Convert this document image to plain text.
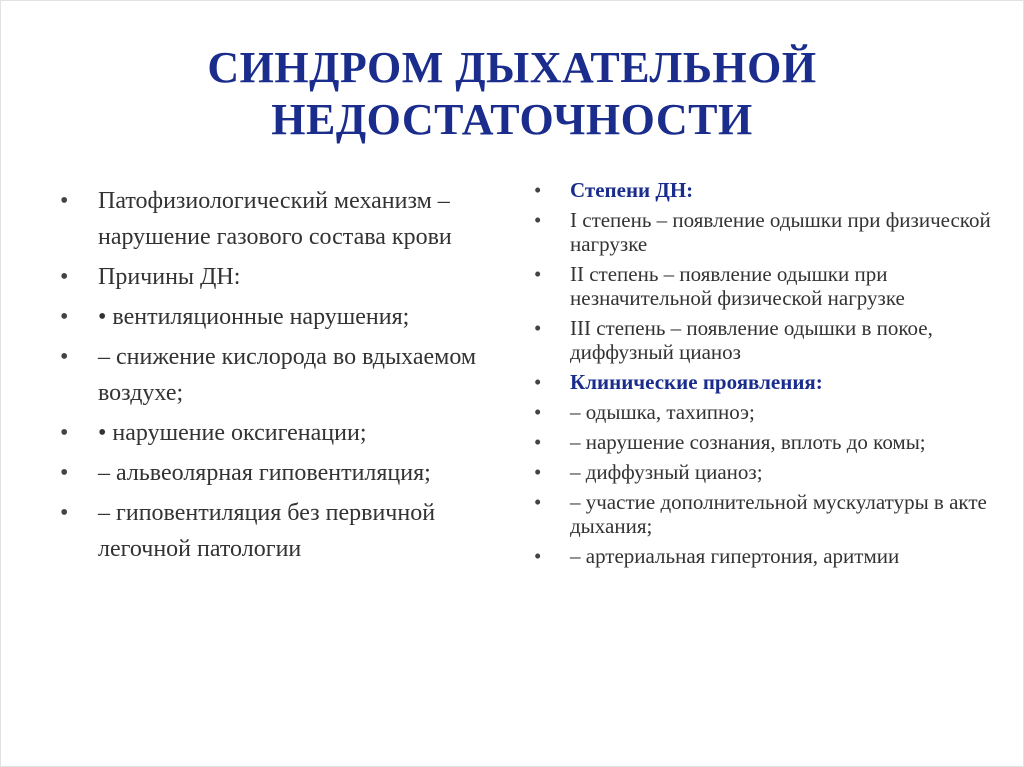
СИНДРОМ ДЫХАТЕЛЬНОЙ
НЕДОСТАТОЧНОСТИ
• Патофизиологический механизм – нарушение газового состава крови
• Причины ДН:
• • вентиляционные нарушения;
• – снижение кислорода во вдыхаемом воздухе;
• • нарушение оксигенации;
• – альвеолярная гиповентиляция;
• – гиповентиляция без первичной легочной патологии
• Степени ДН:
• I степень – появление одышки при физической нагрузке
• II степень – появление одышки при незначительной физической нагрузке
• III степень – появление одышки в покое, диффузный цианоз
• Клинические проявления:
• – одышка, тахипноэ;
• – нарушение сознания, вплоть до комы;
• – диффузный цианоз;
• – участие дополнительной мускулатуры в акте дыхания;
• – артериальная гипертония, аритмии
